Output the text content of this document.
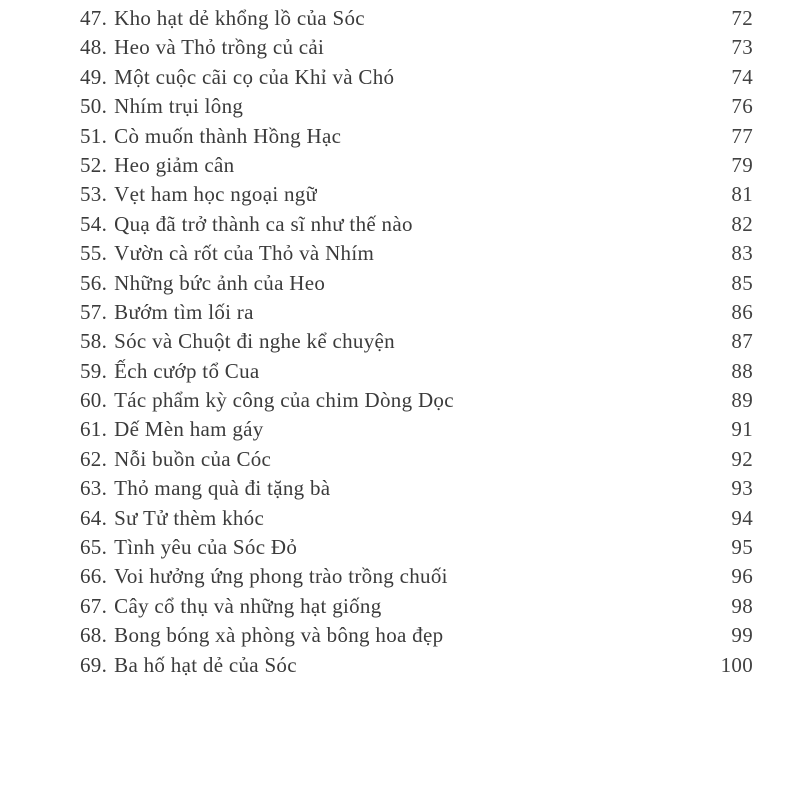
47. Kho hạt dẻ khổng lồ của Sóc	72
48. Heo và Thỏ trồng củ cải	73
49. Một cuộc cãi cọ của Khỉ và Chó	74
50. Nhím trụi lông	76
51. Cò muốn thành Hồng Hạc	77
52. Heo giảm cân	79
53. Vẹt ham học ngoại ngữ	81
54. Quạ đã trở thành ca sĩ như thế nào	82
55. Vườn cà rốt của Thỏ và Nhím	83
56. Những bức ảnh của Heo	85
57. Bướm tìm lối ra	86
58. Sóc và Chuột đi nghe kể chuyện	87
59. Ếch cướp tổ Cua	88
60. Tác phẩm kỳ công của chim Dòng Dọc	89
61. Dế Mèn ham gáy	91
62. Nỗi buồn của Cóc	92
63. Thỏ mang quà đi tặng bà	93
64. Sư Tử thèm khóc	94
65. Tình yêu của Sóc Đỏ	95
66. Voi hưởng ứng phong trào trồng chuối	96
67. Cây cổ thụ và những hạt giống	98
68. Bong bóng xà phòng và bông hoa đẹp	99
69. Ba hố hạt dẻ của Sóc	100
